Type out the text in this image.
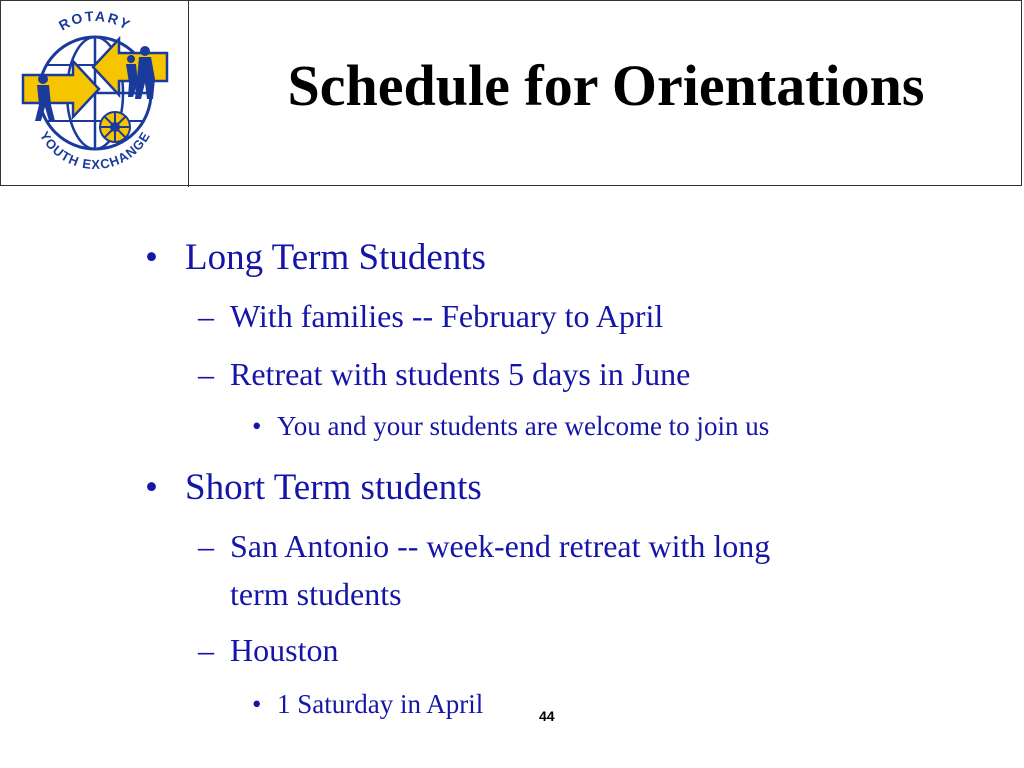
ROTARY
YOUTH EXCHANGE
Schedule for Orientations
• Long Term Students
– With families -- February to April
– Retreat with students 5 days in June
• You and your students are welcome to join us
• Short Term students
– San Antonio -- week-end retreat with long
term students
– Houston
• 1 Saturday in April	44
